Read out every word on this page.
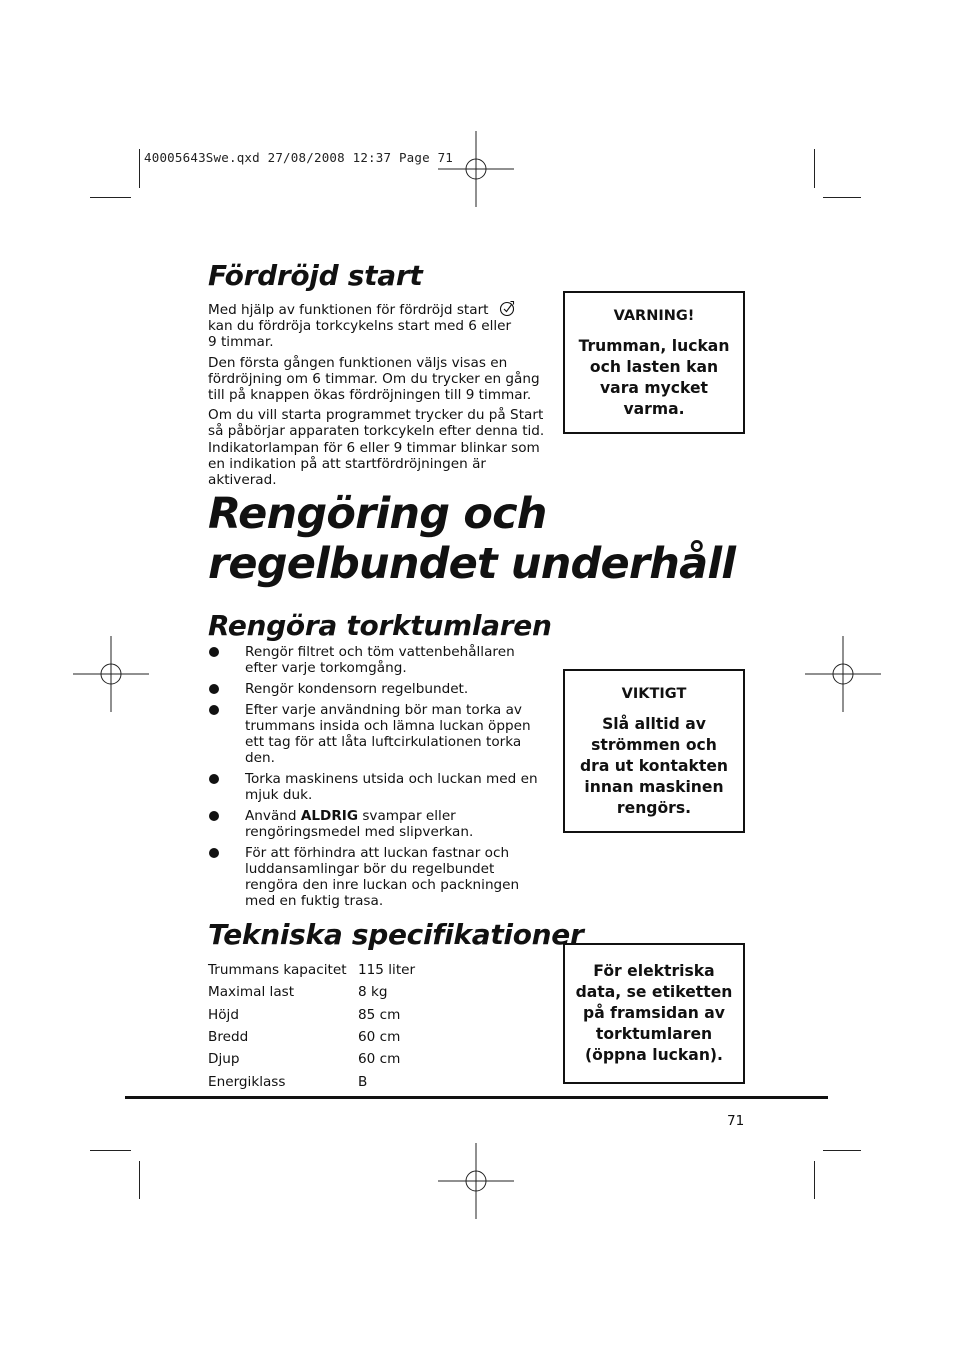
40005643Swe.qxd 27/08/2008 12:37 Page 71
Fördröjd start

Med hjälp av funktionen för fördröjd start
kan du fördröja torkcykelns start med 6 eller
9 timmar.

Den första gången funktionen väljs visas en
fördröjning om 6 timmar. Om du trycker en gång
till på knappen ökas fördröjningen till 9 timmar.

Om du vill starta programmet trycker du på Start
så påbörjar apparaten torkcykeln efter denna tid.
Indikatorlampan för 6 eller 9 timmar blinkar som
en indikation på att startfördröjningen är
aktiverad.

VARNING!
Trumman, luckan
och lasten kan
vara mycket
varma.
Rengöring och
regelbundet underhåll
Rengöra torktumlaren
Rengör filtret och töm vattenbehållaren
efter varje torkomgång.
Rengör kondensorn regelbundet.
Efter varje användning bör man torka av
trummans insida och lämna luckan öppen
ett tag för att låta luftcirkulationen torka
den.
Torka maskinens utsida och luckan med en
mjuk duk.
Använd ALDRIG svampar eller
rengöringsmedel med slipverkan.
För att förhindra att luckan fastnar och
luddansamlingar bör du regelbundet
rengöra den inre luckan och packningen
med en fuktig trasa.
VIKTIGT
Slå alltid av
strömmen och
dra ut kontakten
innan maskinen
rengörs.
Tekniska specifikationer
Trummans kapacitet	115 liter
Maximal last	8 kg
Höjd	85 cm
Bredd	60 cm
Djup	60 cm
Energiklass	B
För elektriska
data, se etiketten
på framsidan av
torktumlaren
(öppna luckan).
71
